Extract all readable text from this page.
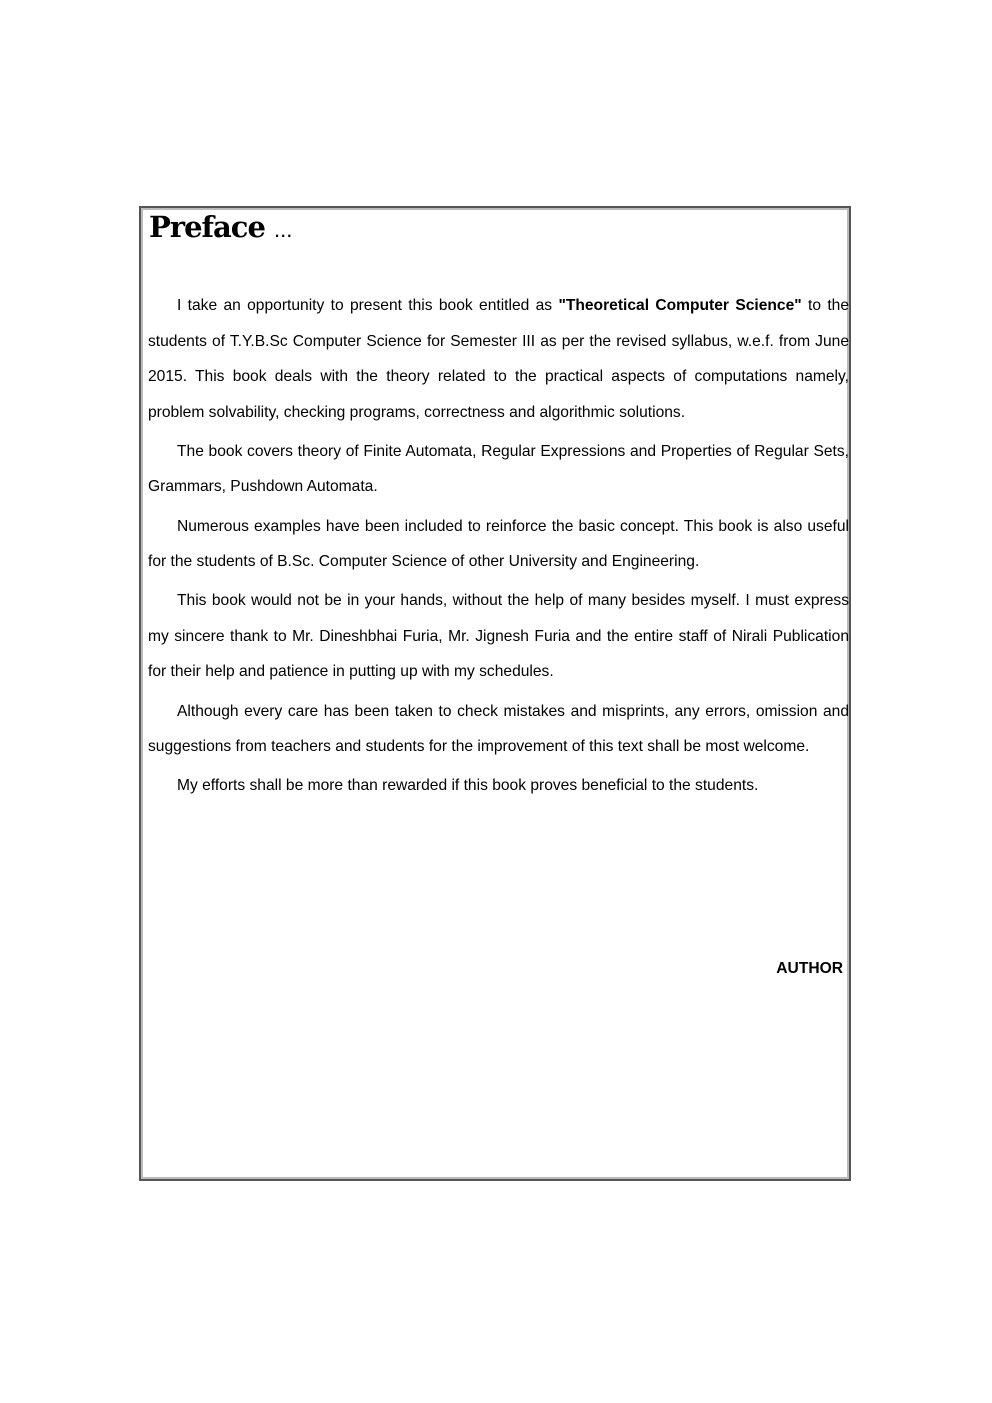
Preface ...

I take an opportunity to present this book entitled as "Theoretical Computer Science" to the students of T.Y.B.Sc Computer Science for Semester III as per the revised syllabus, w.e.f. from June 2015. This book deals with the theory related to the practical aspects of computations namely, problem solvability, checking programs, correctness and algorithmic solutions.

The book covers theory of Finite Automata, Regular Expressions and Properties of Regular Sets, Grammars, Pushdown Automata.

Numerous examples have been included to reinforce the basic concept. This book is also useful for the students of B.Sc. Computer Science of other University and Engineering.

This book would not be in your hands, without the help of many besides myself. I must express my sincere thank to Mr. Dineshbhai Furia, Mr. Jignesh Furia and the entire staff of Nirali Publication for their help and patience in putting up with my schedules.

Although every care has been taken to check mistakes and misprints, any errors, omission and suggestions from teachers and students for the improvement of this text shall be most welcome.

My efforts shall be more than rewarded if this book proves beneficial to the students.

AUTHOR
